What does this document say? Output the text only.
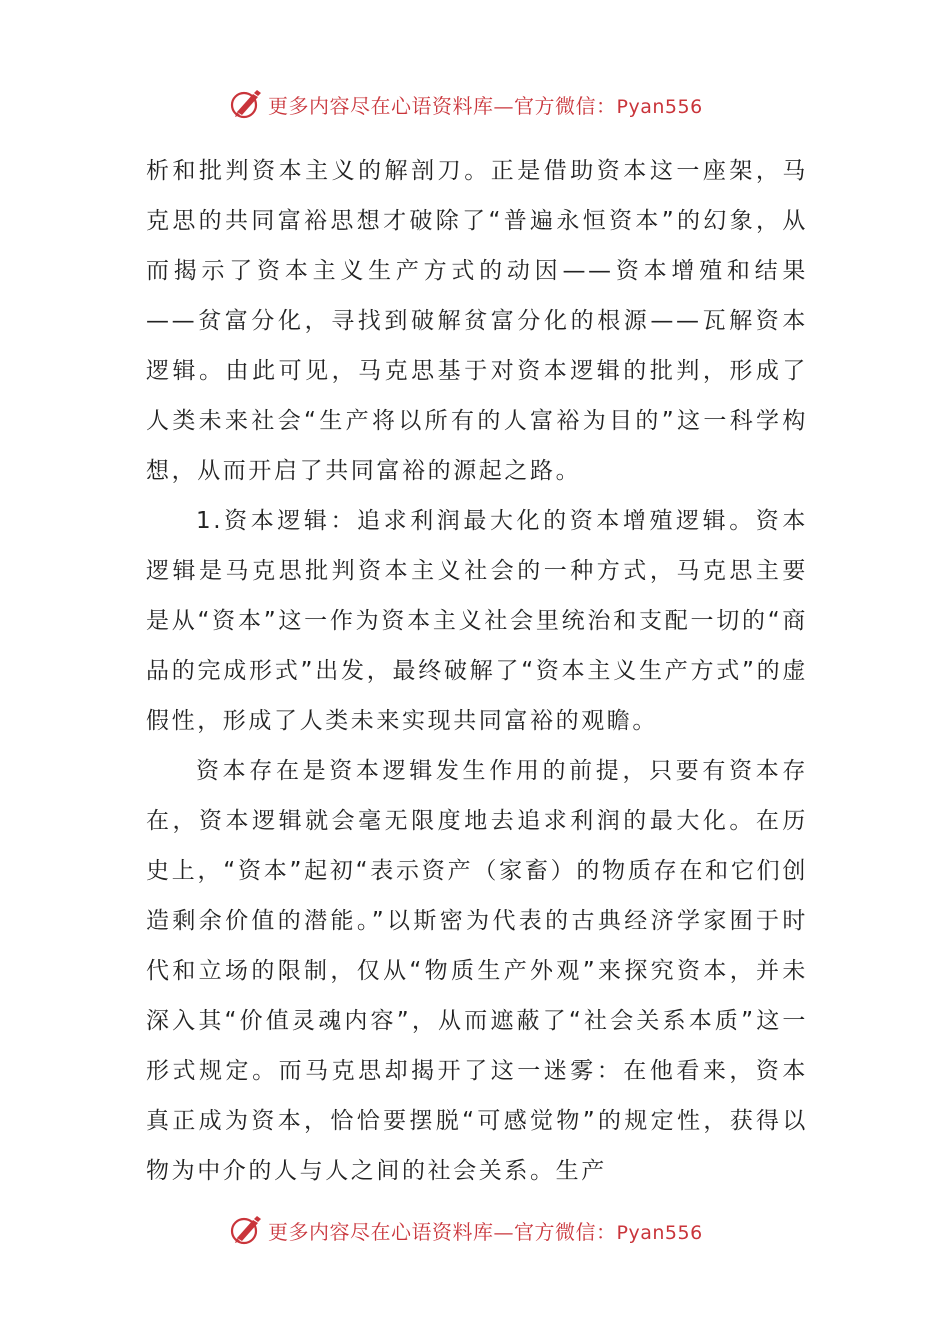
更多内容尽在心语资料库—官方微信：Pyan556

析和批判资本主义的解剖刀。正是借助资本这一座架，马克思的共同富裕思想才破除了“普遍永恒资本”的幻象，从而揭示了资本主义生产方式的动因——资本增殖和结果——贫富分化，寻找到破解贫富分化的根源——瓦解资本逻辑。由此可见，马克思基于对资本逻辑的批判，形成了人类未来社会“生产将以所有的人富裕为目的”这一科学构想，从而开启了共同富裕的源起之路。

1.资本逻辑：追求利润最大化的资本增殖逻辑。资本逻辑是马克思批判资本主义社会的一种方式，马克思主要是从“资本”这一作为资本主义社会里统治和支配一切的“商品的完成形式”出发，最终破解了“资本主义生产方式”的虚假性，形成了人类未来实现共同富裕的观瞻。

资本存在是资本逻辑发生作用的前提，只要有资本存在，资本逻辑就会毫无限度地去追求利润的最大化。在历史上，“资本”起初“表示资产（家畜）的物质存在和它们创造剩余价值的潜能。”以斯密为代表的古典经济学家囿于时代和立场的限制，仅从“物质生产外观”来探究资本，并未深入其“价值灵魂内容”，从而遮蔽了“社会关系本质”这一形式规定。而马克思却揭开了这一迷雾：在他看来，资本真正成为资本，恰恰要摆脱“可感觉物”的规定性，获得以物为中介的人与人之间的社会关系。生产

更多内容尽在心语资料库—官方微信：Pyan556
